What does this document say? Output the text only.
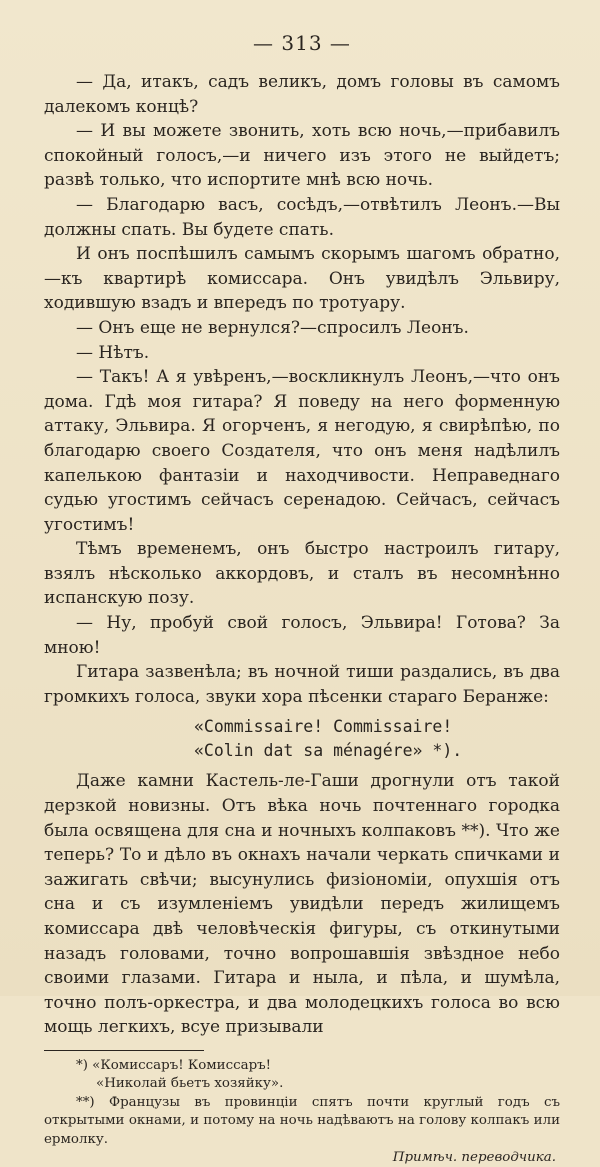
— 313 —

— Да, итакъ, садъ великъ, домъ головы въ самомъ далекомъ концѣ?

— И вы можете звонить, хоть всю ночь,—прибавилъ спокойный голосъ,—и ничего изъ этого не выйдетъ; развѣ только, что испортите мнѣ всю ночь.

— Благодарю васъ, сосѣдъ,—отвѣтилъ Леонъ.—Вы должны спать. Вы будете спать.

И онъ поспѣшилъ самымъ скорымъ шагомъ обратно,—къ квартирѣ комиссара. Онъ увидѣлъ Эльвиру, ходившую взадъ и впередъ по тротуару.

— Онъ еще не вернулся?—спросилъ Леонъ.

— Нѣтъ.

— Такъ! А я увѣренъ,—воскликнулъ Леонъ,—что онъ дома. Гдѣ моя гитара? Я поведу на него форменную аттаку, Эльвира. Я огорченъ, я негодую, я свирѣпѣю, по благодарю своего Создателя, что онъ меня надѣлилъ капелькою фантазіи и находчивости. Неправеднаго судью угостимъ сейчасъ серенадою. Сейчасъ, сейчасъ угостимъ!

Тѣмъ временемъ, онъ быстро настроилъ гитару, взялъ нѣсколько аккордовъ, и сталъ въ несомнѣнно испанскую позу.

— Ну, пробуй свой голосъ, Эльвира! Готова? За мною!

Гитара зазвенѣла; въ ночной тиши раздались, въ два громкихъ голоса, звуки хора пѣсенки стараго Беранже:

«Commissaire! Commissaire!
«Colin dat sa ménagére» *).

Даже камни Кастель-ле-Гаши дрогнули отъ такой дерзкой новизны. Отъ вѣка ночь почтеннаго городка была освящена для сна и ночныхъ колпаковъ **). Что же теперь? То и дѣло въ окнахъ начали черкать спичками и зажигать свѣчи; высунулись физіономіи, опухшія отъ сна и съ изумленіемъ увидѣли передъ жилищемъ комиссара двѣ человѣческія фигуры, съ откинутыми назадъ головами, точно вопрошавшія звѣздное небо своими глазами. Гитара и ныла, и пѣла, и шумѣла, точно полъ-оркестра, и два молодецкихъ голоса во всю мощь легкихъ, всуе призывали

*) «Комиссаръ! Комиссаръ!

«Николай бьетъ хозяйку».

**) Французы въ провинціи спятъ почти круглый годъ съ открытыми окнами, и потому на ночь надѣваютъ на голову колпакъ или ермолку.

Примѣч. переводчика.
